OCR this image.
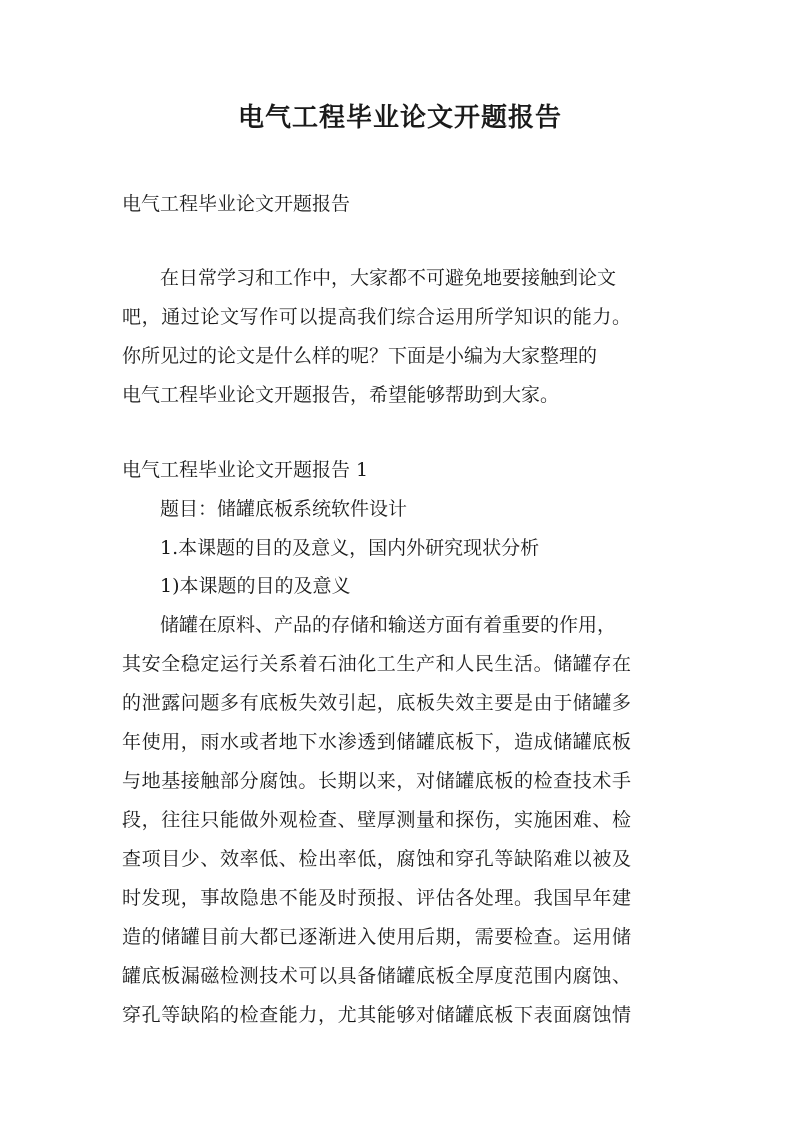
电气工程毕业论文开题报告

电气工程毕业论文开题报告

在日常学习和工作中，大家都不可避免地要接触到论文

吧，通过论文写作可以提高我们综合运用所学知识的能力。

你所见过的论文是什么样的呢？下面是小编为大家整理的

电气工程毕业论文开题报告，希望能够帮助到大家。

电气工程毕业论文开题报告 1

题目：储罐底板系统软件设计

1.本课题的目的及意义，国内外研究现状分析

1)本课题的目的及意义

储罐在原料、产品的存储和输送方面有着重要的作用，

其安全稳定运行关系着石油化工生产和人民生活。储罐存在

的泄露问题多有底板失效引起，底板失效主要是由于储罐多

年使用，雨水或者地下水渗透到储罐底板下，造成储罐底板

与地基接触部分腐蚀。长期以来，对储罐底板的检查技术手

段，往往只能做外观检查、壁厚测量和探伤，实施困难、检

查项目少、效率低、检出率低，腐蚀和穿孔等缺陷难以被及

时发现，事故隐患不能及时预报、评估各处理。我国早年建

造的储罐目前大都已逐渐进入使用后期，需要检查。运用储

罐底板漏磁检测技术可以具备储罐底板全厚度范围内腐蚀、

穿孔等缺陷的检查能力，尤其能够对储罐底板下表面腐蚀情
